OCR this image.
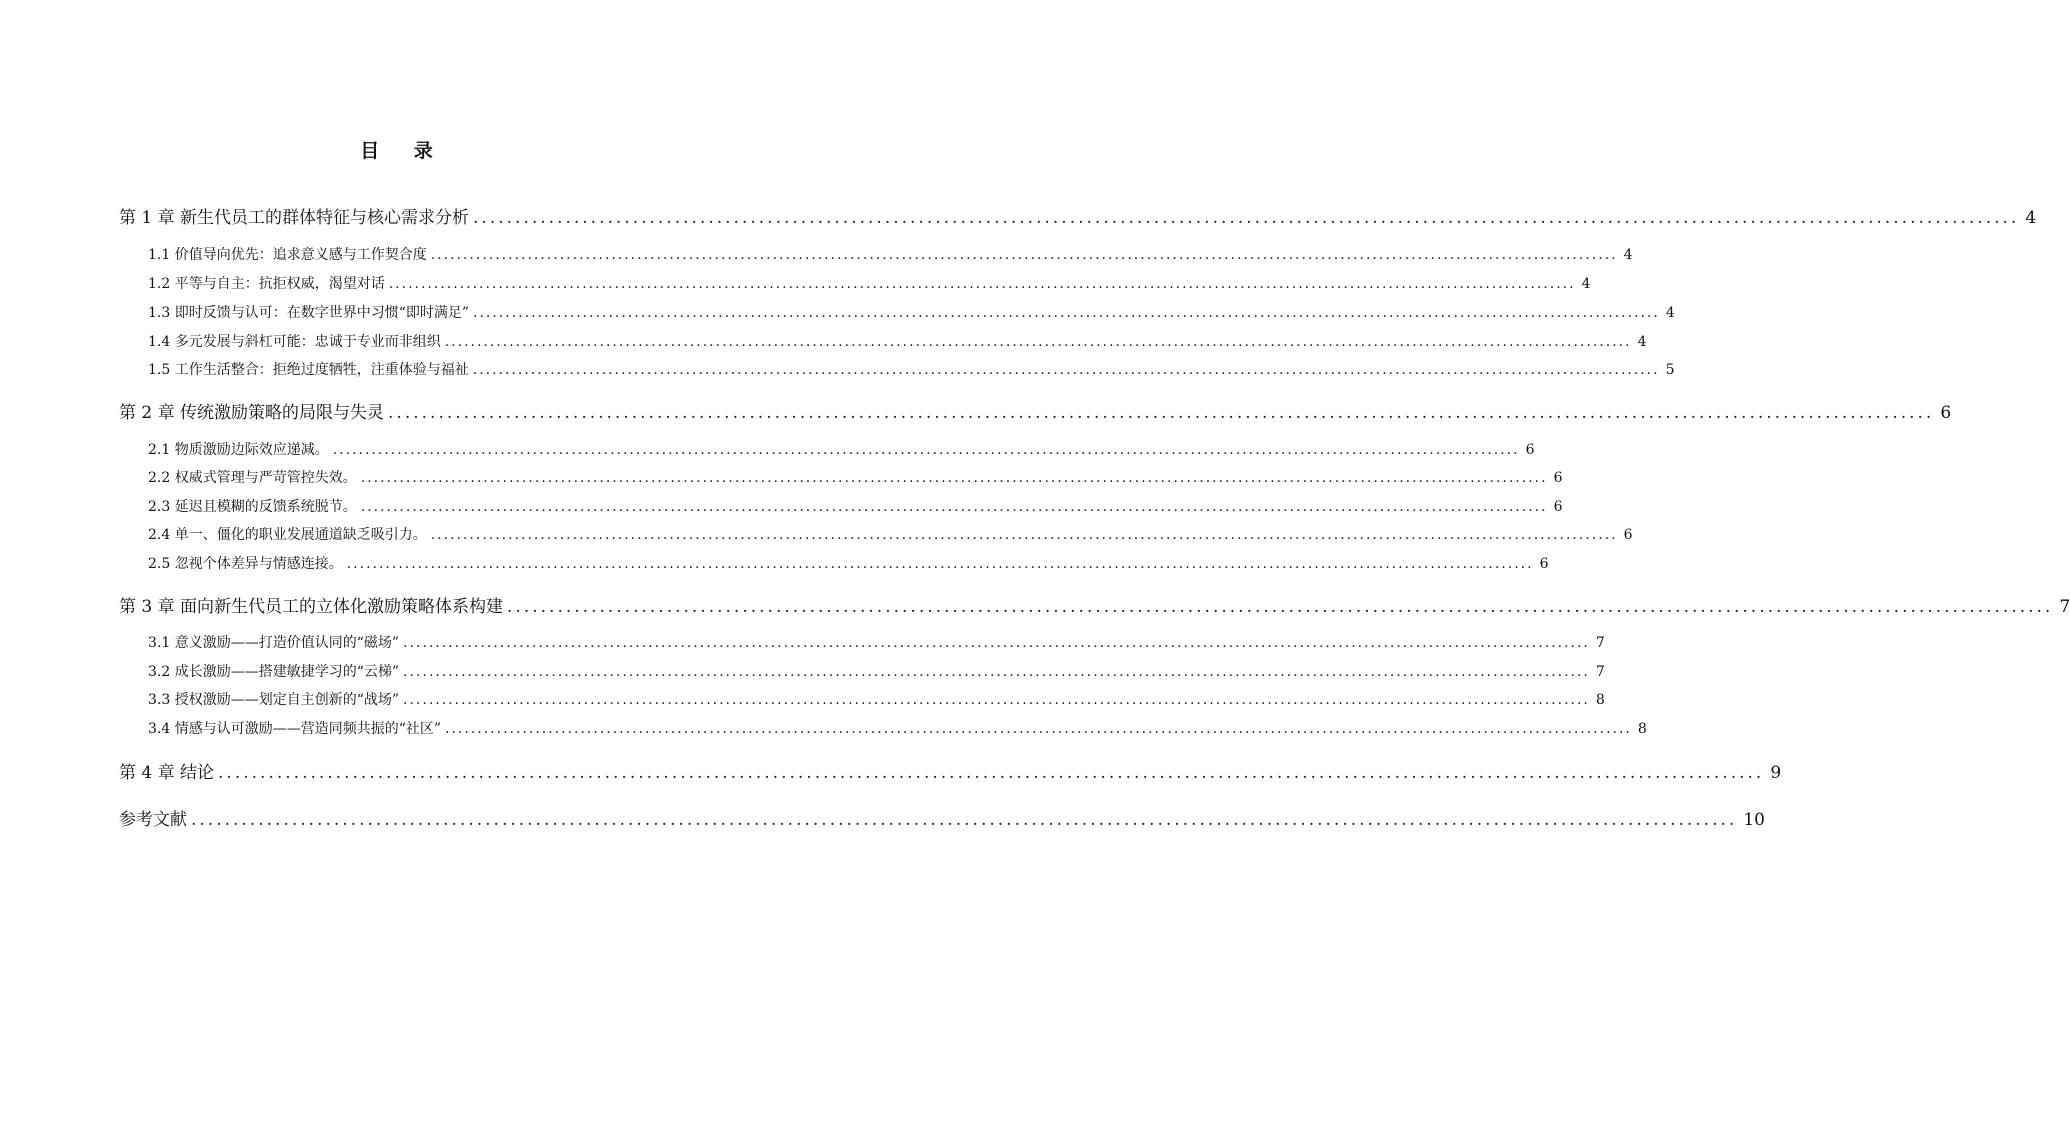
目 录
第 1 章 新生代员工的群体特征与核心需求分析 ........................................................................................................................................................................................ 4
1.1 价值导向优先：追求意义感与工作契合度 ........................................................................................................................................................................................ 4
1.2 平等与自主：抗拒权威，渴望对话 ........................................................................................................................................................................................ 4
1.3 即时反馈与认可：在数字世界中习惯“即时满足” ........................................................................................................................................................................................ 4
1.4 多元发展与斜杠可能：忠诚于专业而非组织 ........................................................................................................................................................................................ 4
1.5 工作生活整合：拒绝过度牺牲，注重体验与福祉 ........................................................................................................................................................................................ 5
第 2 章 传统激励策略的局限与失灵 ........................................................................................................................................................................................ 6
2.1 物质激励边际效应递减。 ........................................................................................................................................................................................ 6
2.2 权威式管理与严苛管控失效。 ........................................................................................................................................................................................ 6
2.3 延迟且模糊的反馈系统脱节。 ........................................................................................................................................................................................ 6
2.4 单一、僵化的职业发展通道缺乏吸引力。 ........................................................................................................................................................................................ 6
2.5 忽视个体差异与情感连接。 ........................................................................................................................................................................................ 6
第 3 章 面向新生代员工的立体化激励策略体系构建 ........................................................................................................................................................................................ 7
3.1 意义激励——打造价值认同的“磁场” ........................................................................................................................................................................................ 7
3.2 成长激励——搭建敏捷学习的“云梯” ........................................................................................................................................................................................ 7
3.3 授权激励——划定自主创新的“战场” ........................................................................................................................................................................................ 8
3.4 情感与认可激励——营造同频共振的“社区” ........................................................................................................................................................................................ 8
第 4 章 结论 ........................................................................................................................................................................................ 9
参考文献 ........................................................................................................................................................................................ 10
